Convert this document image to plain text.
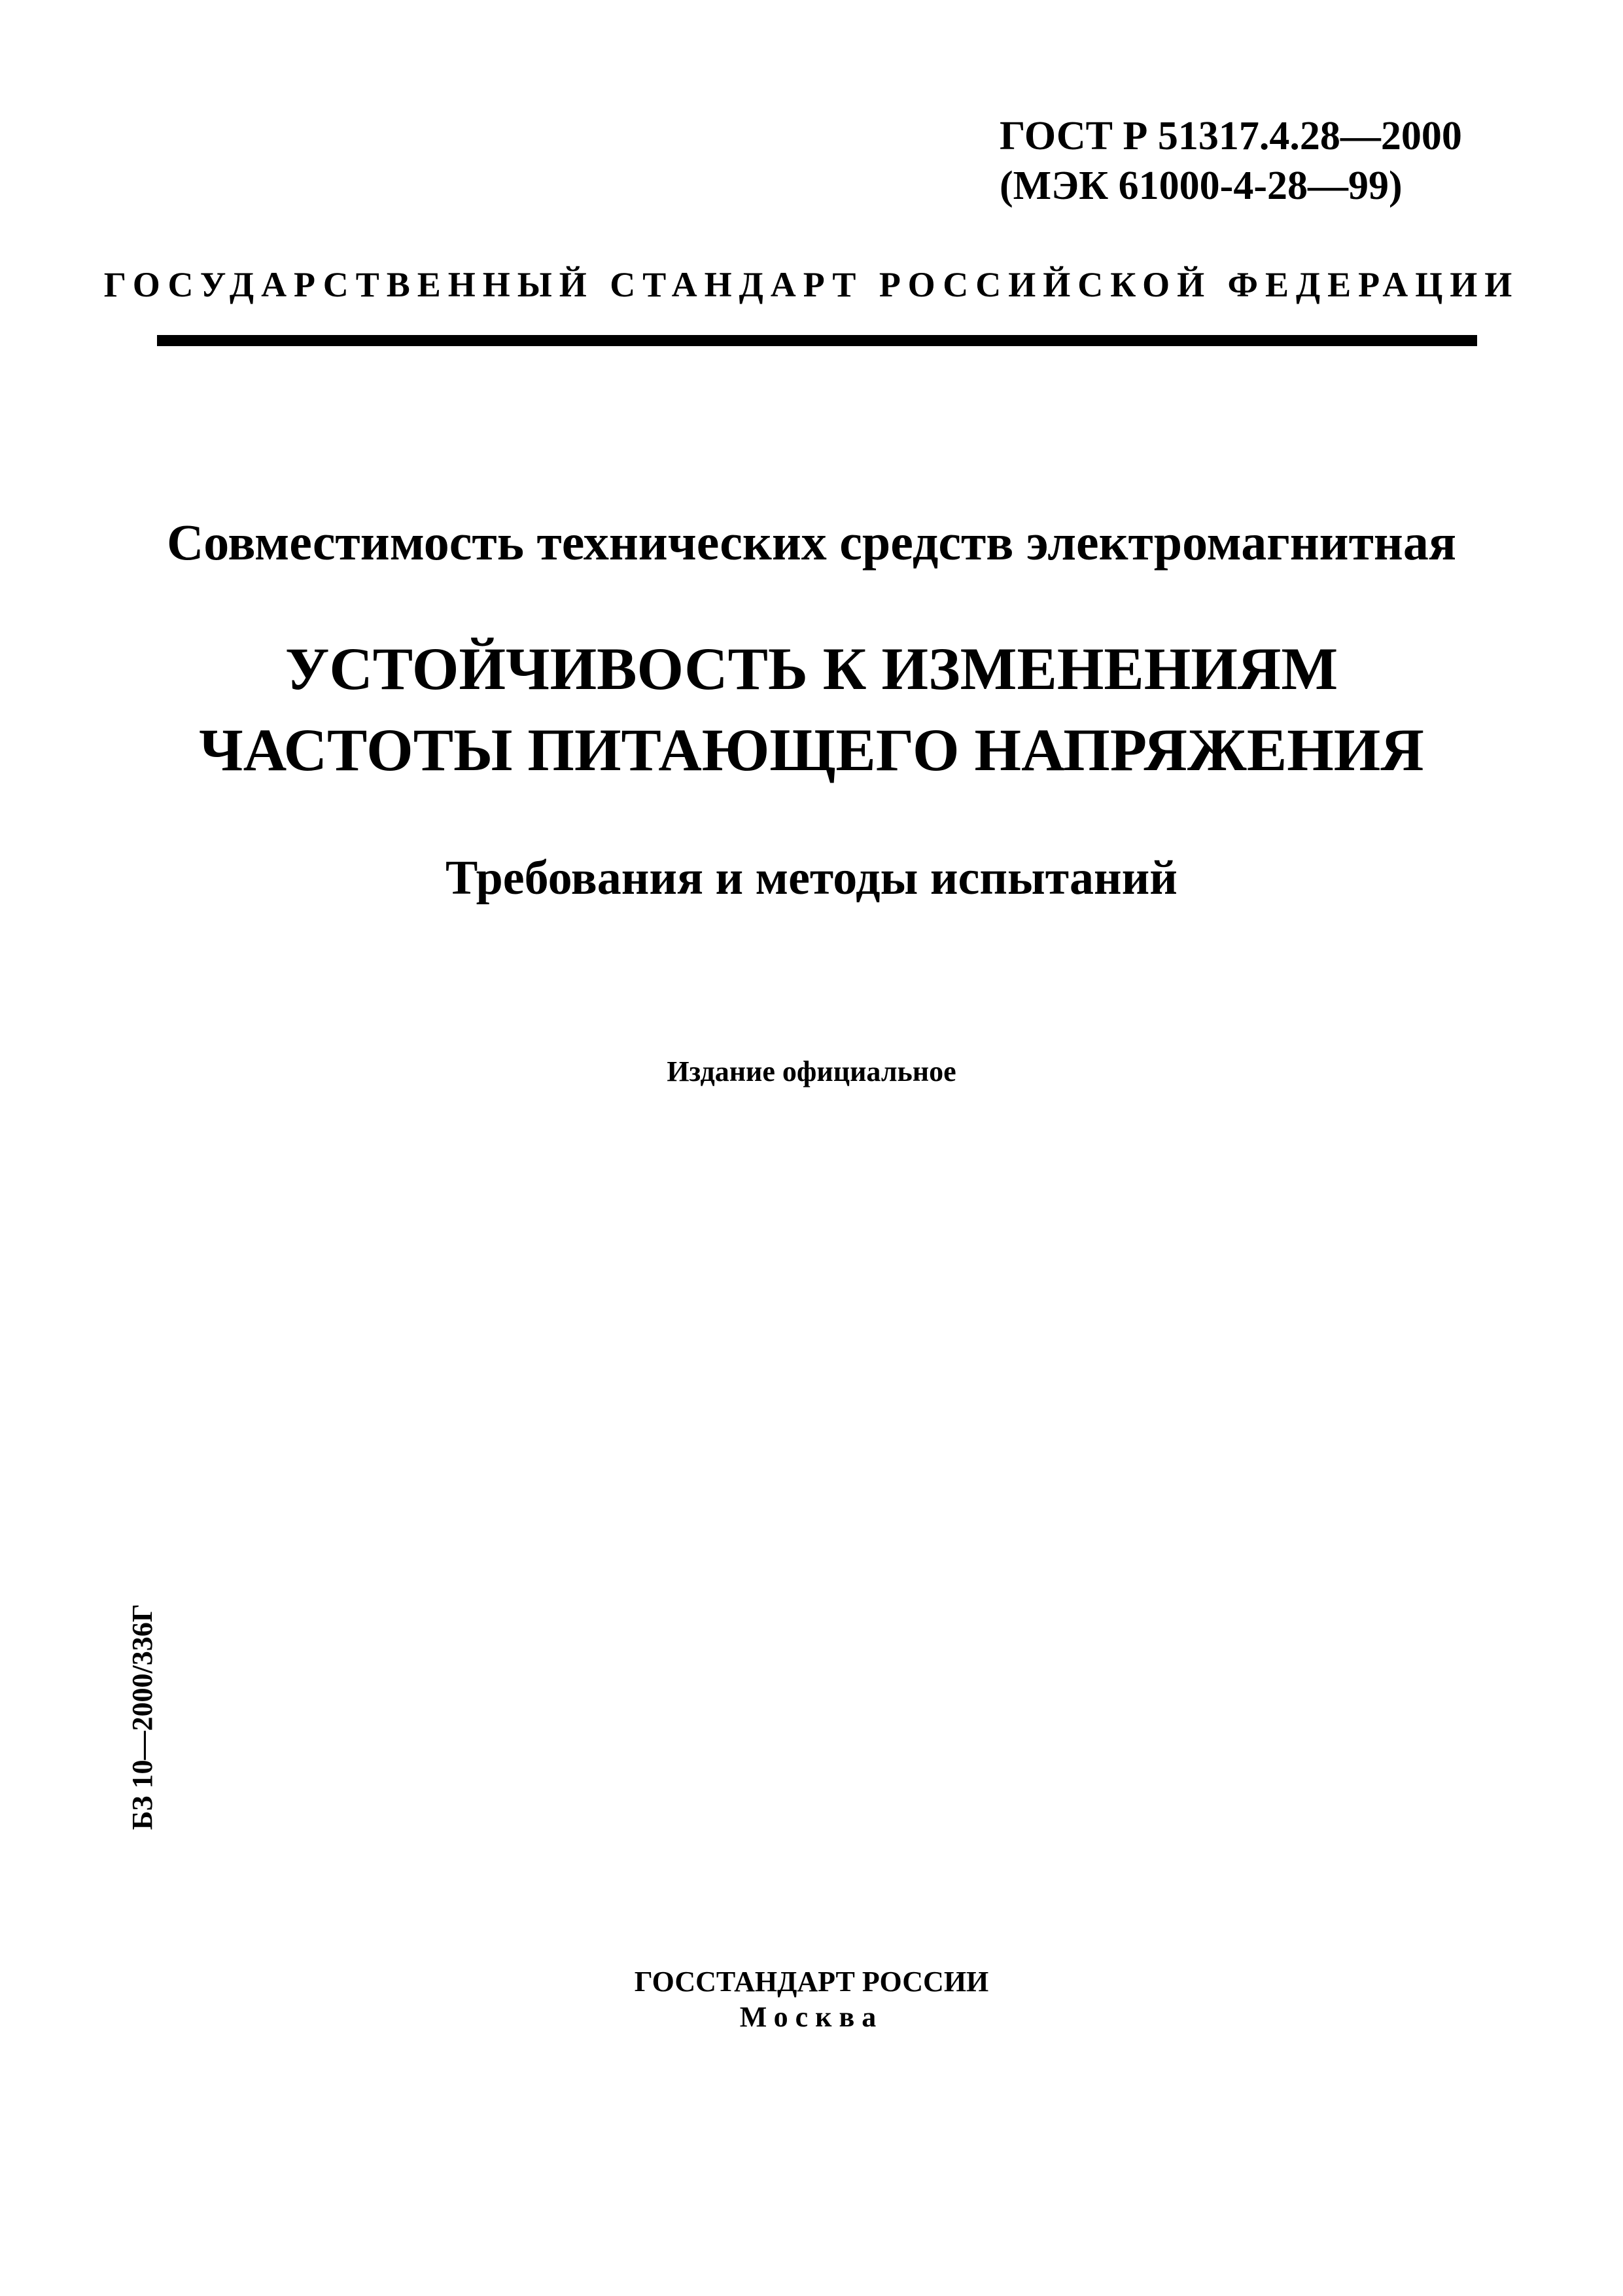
ГОСТ Р 51317.4.28—2000
(МЭК 61000-4-28—99)
ГОСУДАРСТВЕННЫЙ СТАНДАРТ РОССИЙСКОЙ ФЕДЕРАЦИИ
Совместимость технических средств электромагнитная
УСТОЙЧИВОСТЬ К ИЗМЕНЕНИЯМ
ЧАСТОТЫ ПИТАЮЩЕГО НАПРЯЖЕНИЯ
Требования и методы испытаний
Издание официальное
БЗ 10—2000/336Г
ГОССТАНДАРТ РОССИИ
Москва
